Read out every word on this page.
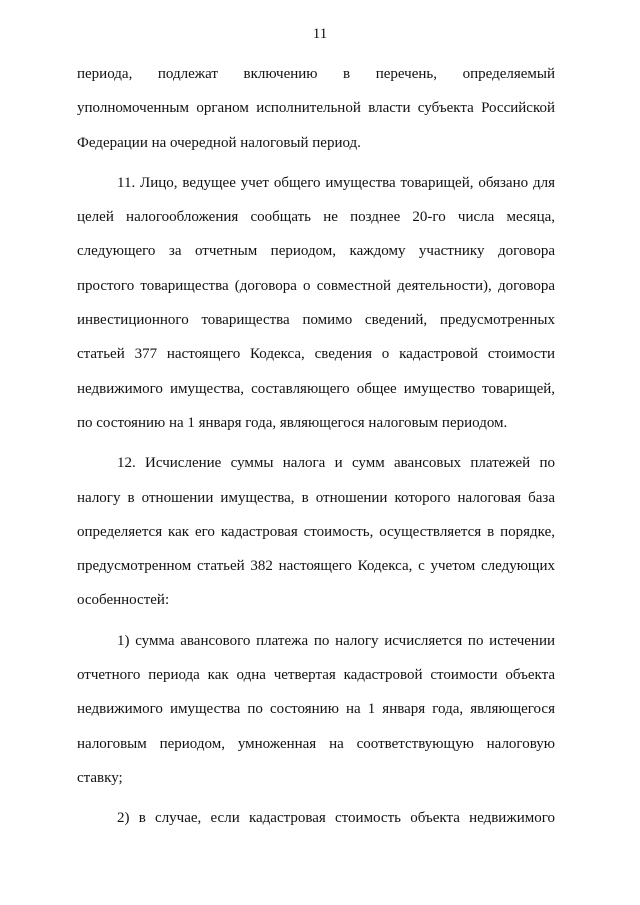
11

периода, подлежат включению в перечень, определяемый уполномоченным органом исполнительной власти субъекта Российской Федерации на очередной налоговый период.

11. Лицо, ведущее учет общего имущества товарищей, обязано для целей налогообложения сообщать не позднее 20-го числа месяца, следующего за отчетным периодом, каждому участнику договора простого товарищества (договора о совместной деятельности), договора инвестиционного товарищества помимо сведений, предусмотренных статьей 377 настоящего Кодекса, сведения о кадастровой стоимости недвижимого имущества, составляющего общее имущество товарищей, по состоянию на 1 января года, являющегося налоговым периодом.

12. Исчисление суммы налога и сумм авансовых платежей по налогу в отношении имущества, в отношении которого налоговая база определяется как его кадастровая стоимость, осуществляется в порядке, предусмотренном статьей 382 настоящего Кодекса, с учетом следующих особенностей:

1) сумма авансового платежа по налогу исчисляется по истечении отчетного периода как одна четвертая кадастровой стоимости объекта недвижимого имущества по состоянию на 1 января года, являющегося налоговым периодом, умноженная на соответствующую налоговую ставку;

2) в случае, если кадастровая стоимость объекта недвижимого
